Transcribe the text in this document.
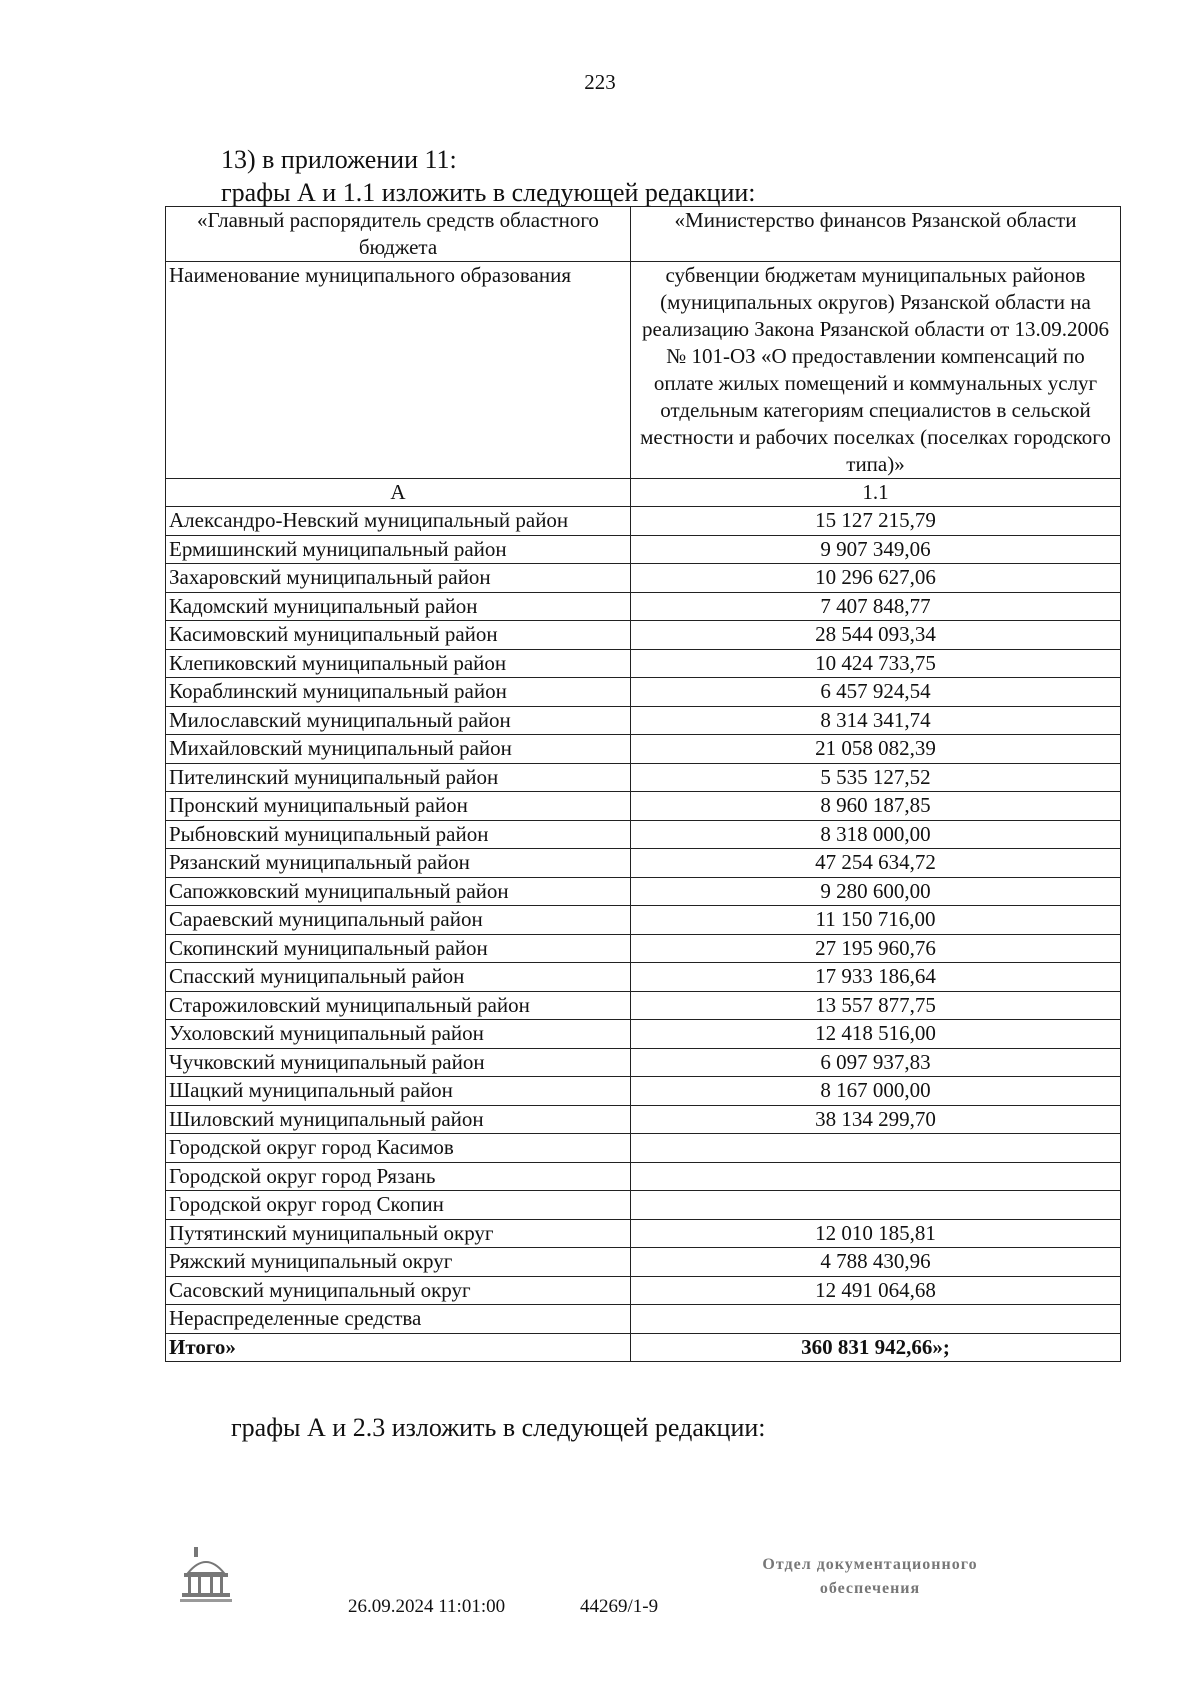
223
13) в приложении 11:
графы А и 1.1 изложить в следующей редакции:
«Главный распорядитель средств областного бюджета	«Министерство финансов Рязанской области
Наименование муниципального образования	субвенции бюджетам муниципальных районов (муниципальных округов) Рязанской области на реализацию Закона Рязанской области от 13.09.2006 № 101-ОЗ «О предоставлении компенсаций по оплате жилых помещений и коммунальных услуг отдельным категориям специалистов в сельской местности и рабочих поселках (поселках городского типа)»
А	1.1
Александро-Невский муниципальный район	15 127 215,79
Ермишинский муниципальный район	9 907 349,06
Захаровский муниципальный район	10 296 627,06
Кадомский муниципальный район	7 407 848,77
Касимовский муниципальный район	28 544 093,34
Клепиковский муниципальный район	10 424 733,75
Кораблинский муниципальный район	6 457 924,54
Милославский муниципальный район	8 314 341,74
Михайловский муниципальный район	21 058 082,39
Пителинский муниципальный район	5 535 127,52
Пронский муниципальный район	8 960 187,85
Рыбновский муниципальный район	8 318 000,00
Рязанский муниципальный район	47 254 634,72
Сапожковский муниципальный район	9 280 600,00
Сараевский муниципальный район	11 150 716,00
Скопинский муниципальный район	27 195 960,76
Спасский муниципальный район	17 933 186,64
Старожиловский муниципальный район	13 557 877,75
Ухоловский муниципальный район	12 418 516,00
Чучковский муниципальный район	6 097 937,83
Шацкий муниципальный район	8 167 000,00
Шиловский муниципальный район	38 134 299,70
Городской округ город Касимов	
Городской округ город Рязань	
Городской округ город Скопин	
Путятинский муниципальный округ	12 010 185,81
Ряжский муниципальный округ	4 788 430,96
Сасовский муниципальный округ	12 491 064,68
Нераспределенные средства	
Итого»	360 831 942,66»;
графы А и 2.3 изложить в следующей редакции:
26.09.2024 11:01:00	44269/1-9
Отдел документационного
обеспечения
